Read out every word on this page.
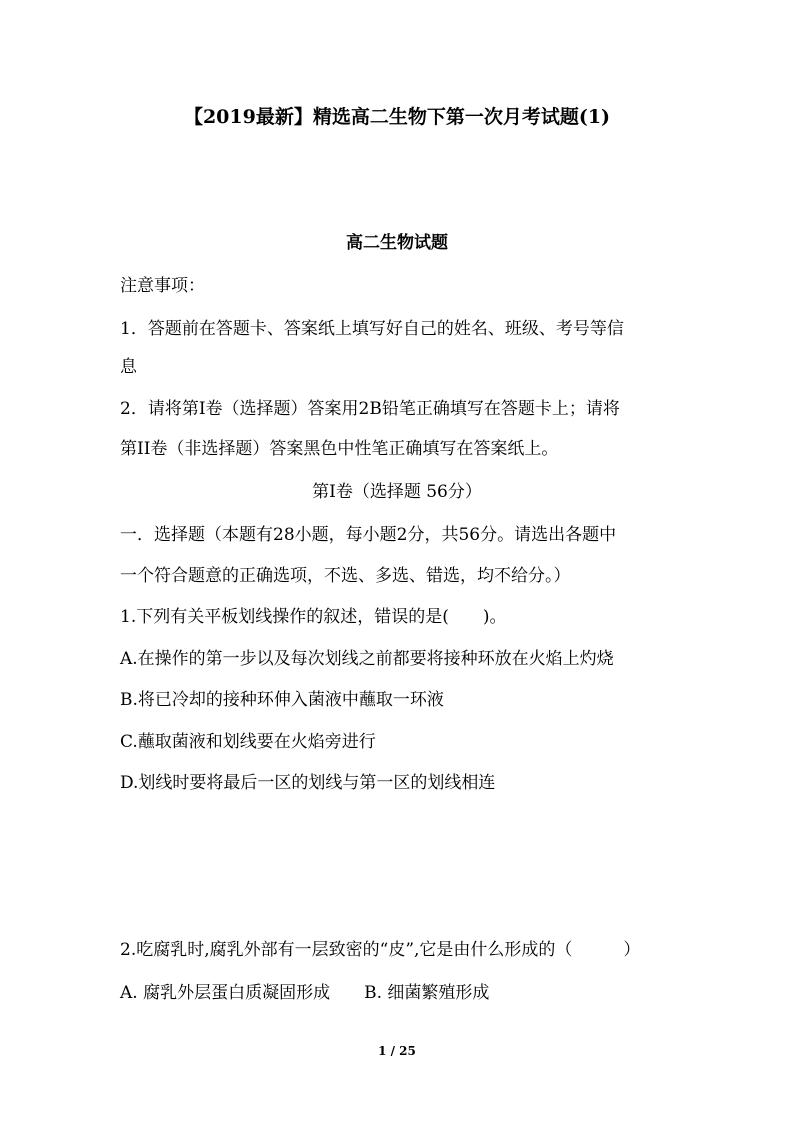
【2019最新】精选高二生物下第一次月考试题(1)
高二生物试题
注意事项：
1．答题前在答题卡、答案纸上填写好自己的姓名、班级、考号等信
息
2．请将第Ⅰ卷（选择题）答案用2B铅笔正确填写在答题卡上；请将
第II卷（非选择题）答案黑色中性笔正确填写在答案纸上。
第Ⅰ卷（选择题 56分）
一．选择题（本题有28小题，每小题2分，共56分。请选出各题中
一个符合题意的正确选项，不选、多选、错选，均不给分。）
1.下列有关平板划线操作的叙述，错误的是(　　)。
A.在操作的第一步以及每次划线之前都要将接种环放在火焰上灼烧
B.将已冷却的接种环伸入菌液中蘸取一环液
C.蘸取菌液和划线要在火焰旁进行
D.划线时要将最后一区的划线与第一区的划线相连
2.吃腐乳时,腐乳外部有一层致密的“皮”,它是由什么形成的（　　　）
A. 腐乳外层蛋白质凝固形成　　B. 细菌繁殖形成
1 / 25
